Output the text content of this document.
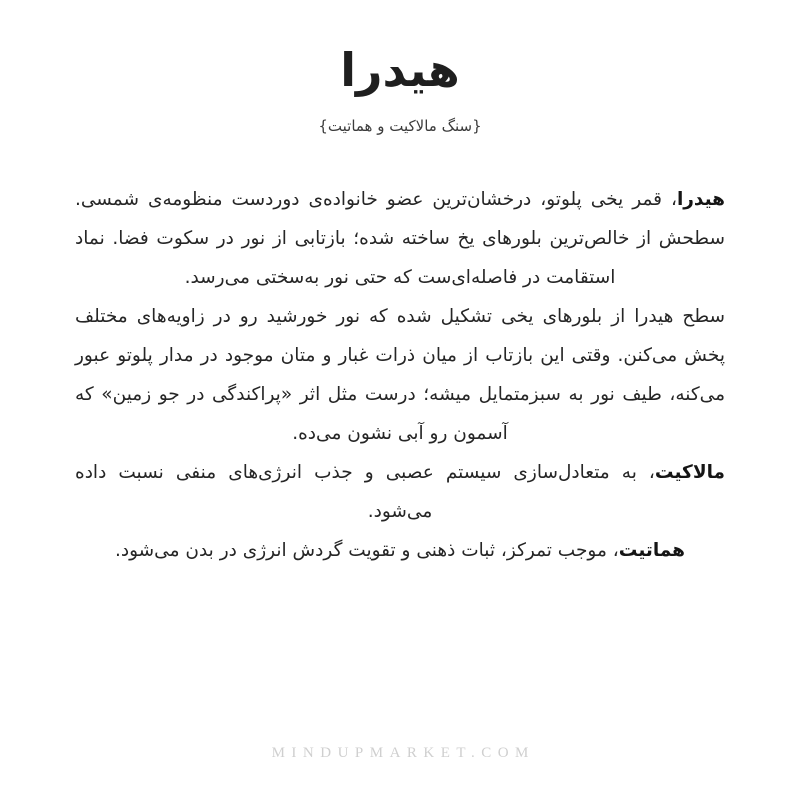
هیدرا
{سنگ مالاکیت و هماتیت}

هیدرا، قمر یخی پلوتو، درخشان‌ترین عضو خانواده‌ی دوردست منظومه‌ی شمسی. سطحش از خالص‌ترین بلورهای یخ ساخته شده؛ بازتابی از نور در سکوت فضا. نماد استقامت در فاصله‌ای‌ست که حتی نور به‌سختی می‌رسد.

سطح هیدرا از بلورهای یخی تشکیل شده که نور خورشید رو در زاویه‌های مختلف پخش می‌کنن. وقتی این بازتاب از میان ذرات غبار و متان موجود در مدار پلوتو عبور می‌کنه، طیف نور به سبزمتمایل میشه؛ درست مثل اثر «پراکندگی در جو زمین» که آسمون رو آبی نشون می‌ده.

مالاکیت، به متعادل‌سازی سیستم عصبی و جذب انرژی‌های منفی نسبت داده می‌شود.

هماتیت، موجب تمرکز، ثبات ذهنی و تقویت گردش انرژی در بدن می‌شود.

MINDUPMARKET.COM
